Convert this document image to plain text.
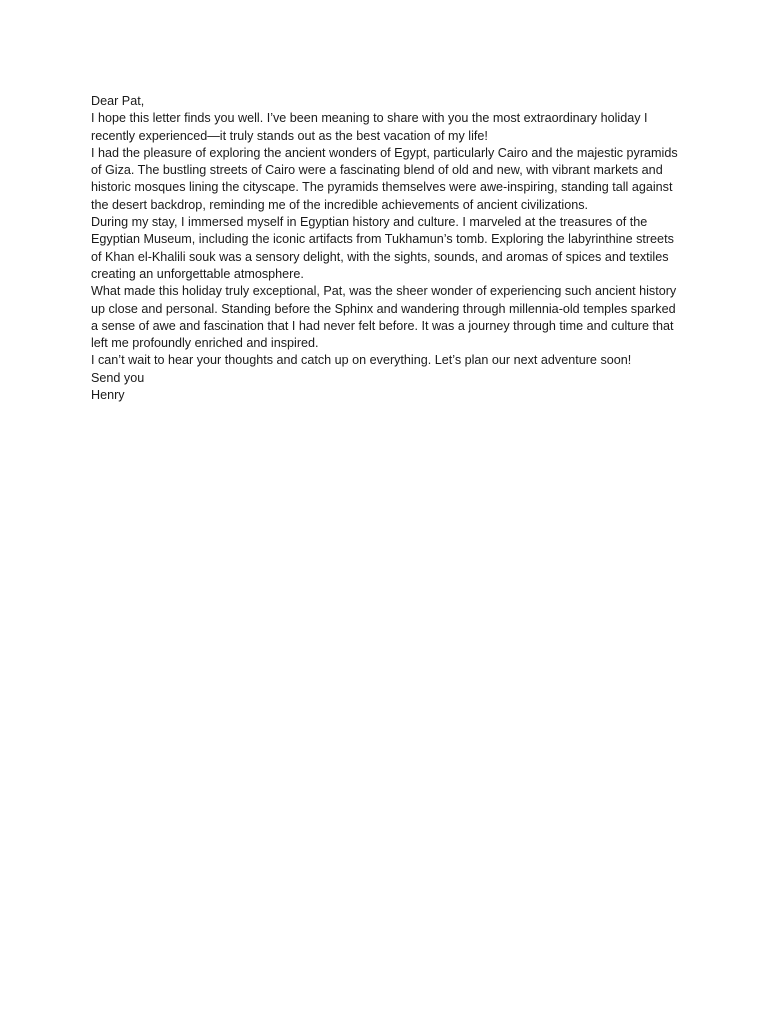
Dear Pat,

I hope this letter finds you well. I’ve been meaning to share with you the most extraordinary holiday I recently experienced—it truly stands out as the best vacation of my life!

I had the pleasure of exploring the ancient wonders of Egypt, particularly Cairo and the majestic pyramids of Giza. The bustling streets of Cairo were a fascinating blend of old and new, with vibrant markets and historic mosques lining the cityscape. The pyramids themselves were awe-inspiring, standing tall against the desert backdrop, reminding me of the incredible achievements of ancient civilizations.

During my stay, I immersed myself in Egyptian history and culture. I marveled at the treasures of the Egyptian Museum, including the iconic artifacts from Tukhamun’s tomb. Exploring the labyrinthine streets of Khan el-Khalili souk was a sensory delight, with the sights, sounds, and aromas of spices and textiles creating an unforgettable atmosphere.

What made this holiday truly exceptional, Pat, was the sheer wonder of experiencing such ancient history up close and personal. Standing before the Sphinx and wandering through millennia-old temples sparked a sense of awe and fascination that I had never felt before. It was a journey through time and culture that left me profoundly enriched and inspired.

I can’t wait to hear your thoughts and catch up on everything. Let’s plan our next adventure soon!

Send you

Henry
